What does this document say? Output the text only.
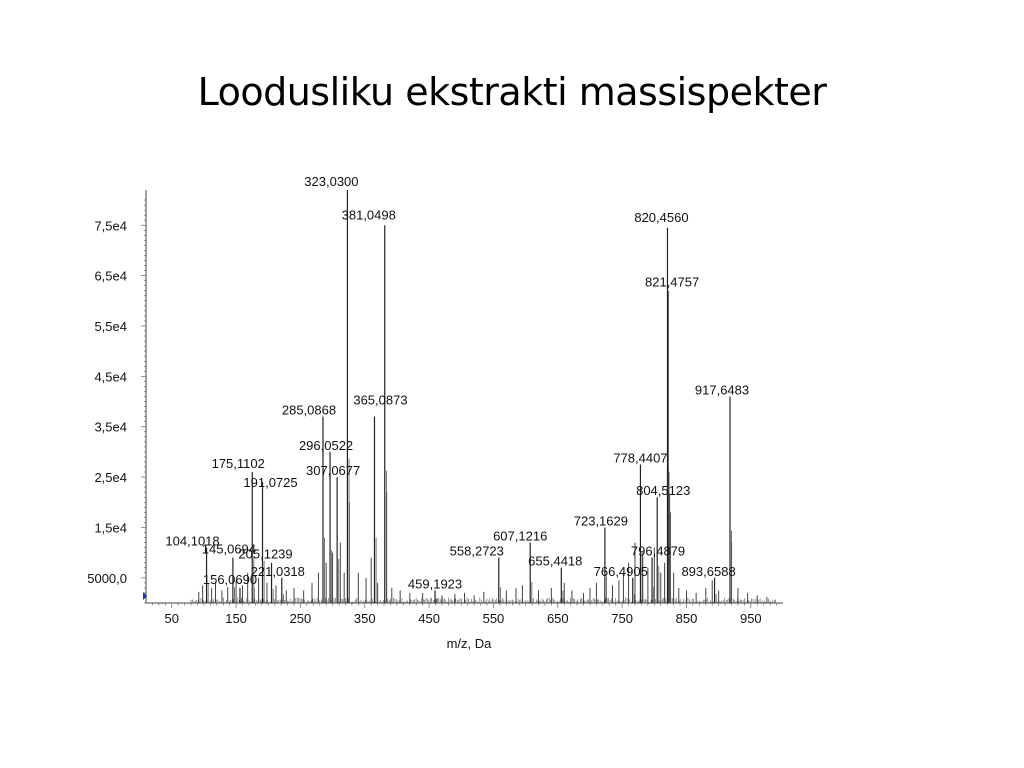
Loodusliku ekstrakti massispekter
5000,0
1,5e4
2,5e4
3,5e4
4,5e4
5,5e4
6,5e4
7,5e4
50	150	250	350	450	550	650	750	850	950
104,1018
145,0694
156,0690
175,1102
191,0725
205,1239
221,0318
285,0868
296,0522
307,0677
323,0300
365,0873
381,0498
459,1923
558,2723
607,1216
655,4418
723,1629
766,4905
778,4407
796,4879
804,5123
820,4560
821,4757
893,6588
917,6483
m/z, Da
